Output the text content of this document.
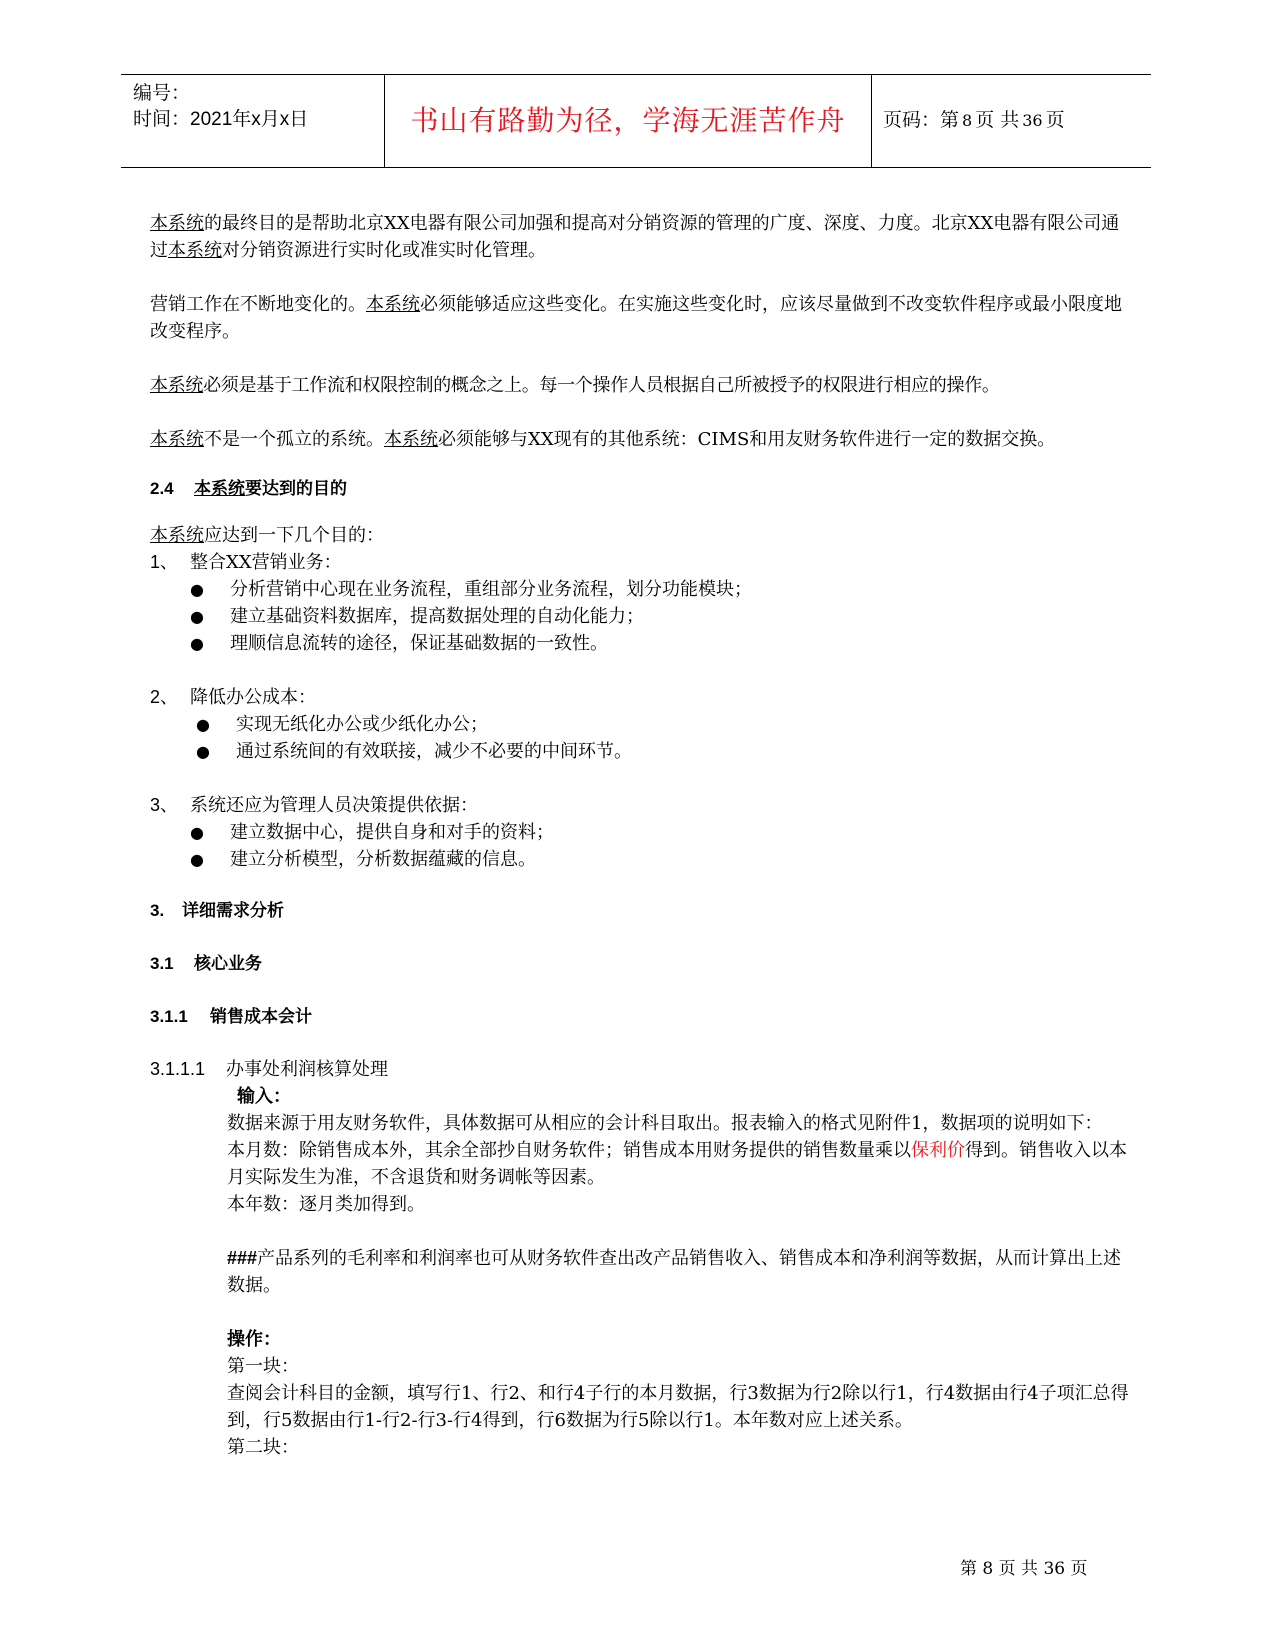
编号：
时间：2021年x月x日	书山有路勤为径，学海无涯苦作舟	页码：第 8 页 共 36 页

本系统的最终目的是帮助北京XX电器有限公司加强和提高对分销资源的管理的广度、深度、力度。北京XX电器有限公司通过本系统对分销资源进行实时化或准实时化管理。

营销工作在不断地变化的。本系统必须能够适应这些变化。在实施这些变化时，应该尽量做到不改变软件程序或最小限度地改变程序。

本系统必须是基于工作流和权限控制的概念之上。每一个操作人员根据自己所被授予的权限进行相应的操作。

本系统不是一个孤立的系统。本系统必须能够与XX现有的其他系统：CIMS和用友财务软件进行一定的数据交换。

2.4 本系统要达到的目的

本系统应达到一下几个目的：

1、 整合XX营销业务：

● 分析营销中心现在业务流程，重组部分业务流程，划分功能模块；

● 建立基础资料数据库，提高数据处理的自动化能力；

● 理顺信息流转的途径，保证基础数据的一致性。

2、 降低办公成本：

● 实现无纸化办公或少纸化办公；

● 通过系统间的有效联接，减少不必要的中间环节。

3、 系统还应为管理人员决策提供依据：

● 建立数据中心，提供自身和对手的资料；

● 建立分析模型，分析数据蕴藏的信息。

3. 详细需求分析

3.1 核心业务

3.1.1 销售成本会计

3.1.1.1 办事处利润核算处理

输入：

数据来源于用友财务软件，具体数据可从相应的会计科目取出。报表输入的格式见附件1，数据项的说明如下：

本月数：除销售成本外，其余全部抄自财务软件；销售成本用财务提供的销售数量乘以保利价得到。销售收入以本月实际发生为准，不含退货和财务调帐等因素。

本年数：逐月类加得到。

###产品系列的毛利率和利润率也可从财务软件查出改产品销售收入、销售成本和净利润等数据，从而计算出上述数据。

操作：

第一块：

查阅会计科目的金额，填写行1、行2、和行4子行的本月数据，行3数据为行2除以行1，行4数据由行4子项汇总得到，行5数据由行1-行2-行3-行4得到，行6数据为行5除以行1。本年数对应上述关系。

第二块：

第 8 页 共 36 页
